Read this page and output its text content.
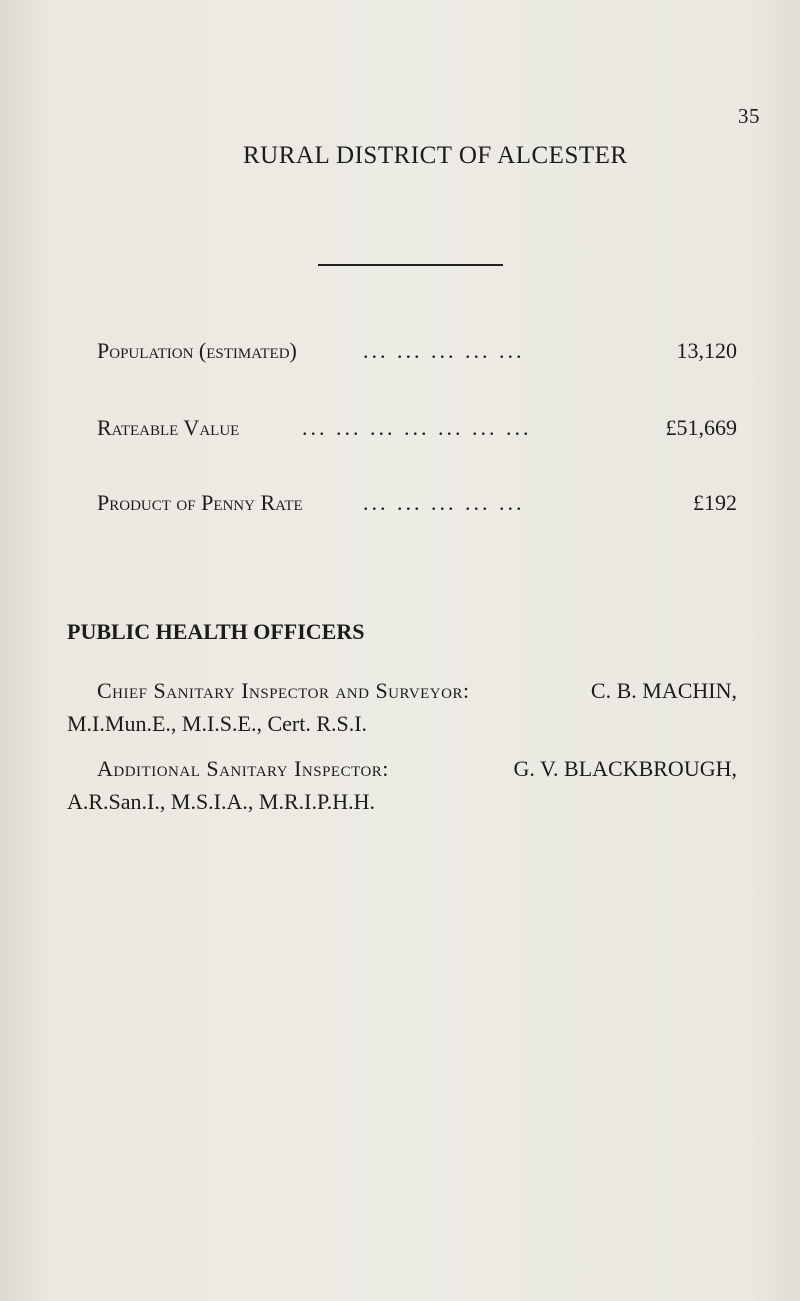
35
RURAL DISTRICT OF ALCESTER
Population (estimated)	... ... ... ... ...	13,120
Rateable Value	... ... ... ... ... ... ...	£51,669
Product of Penny Rate	... ... ... ... ...	£192
PUBLIC HEALTH OFFICERS
Chief Sanitary Inspector and Surveyor:	C. B. MACHIN,
M.I.Mun.E., M.I.S.E., Cert. R.S.I.
Additional Sanitary Inspector:	G. V. BLACKBROUGH,
A.R.San.I., M.S.I.A., M.R.I.P.H.H.
